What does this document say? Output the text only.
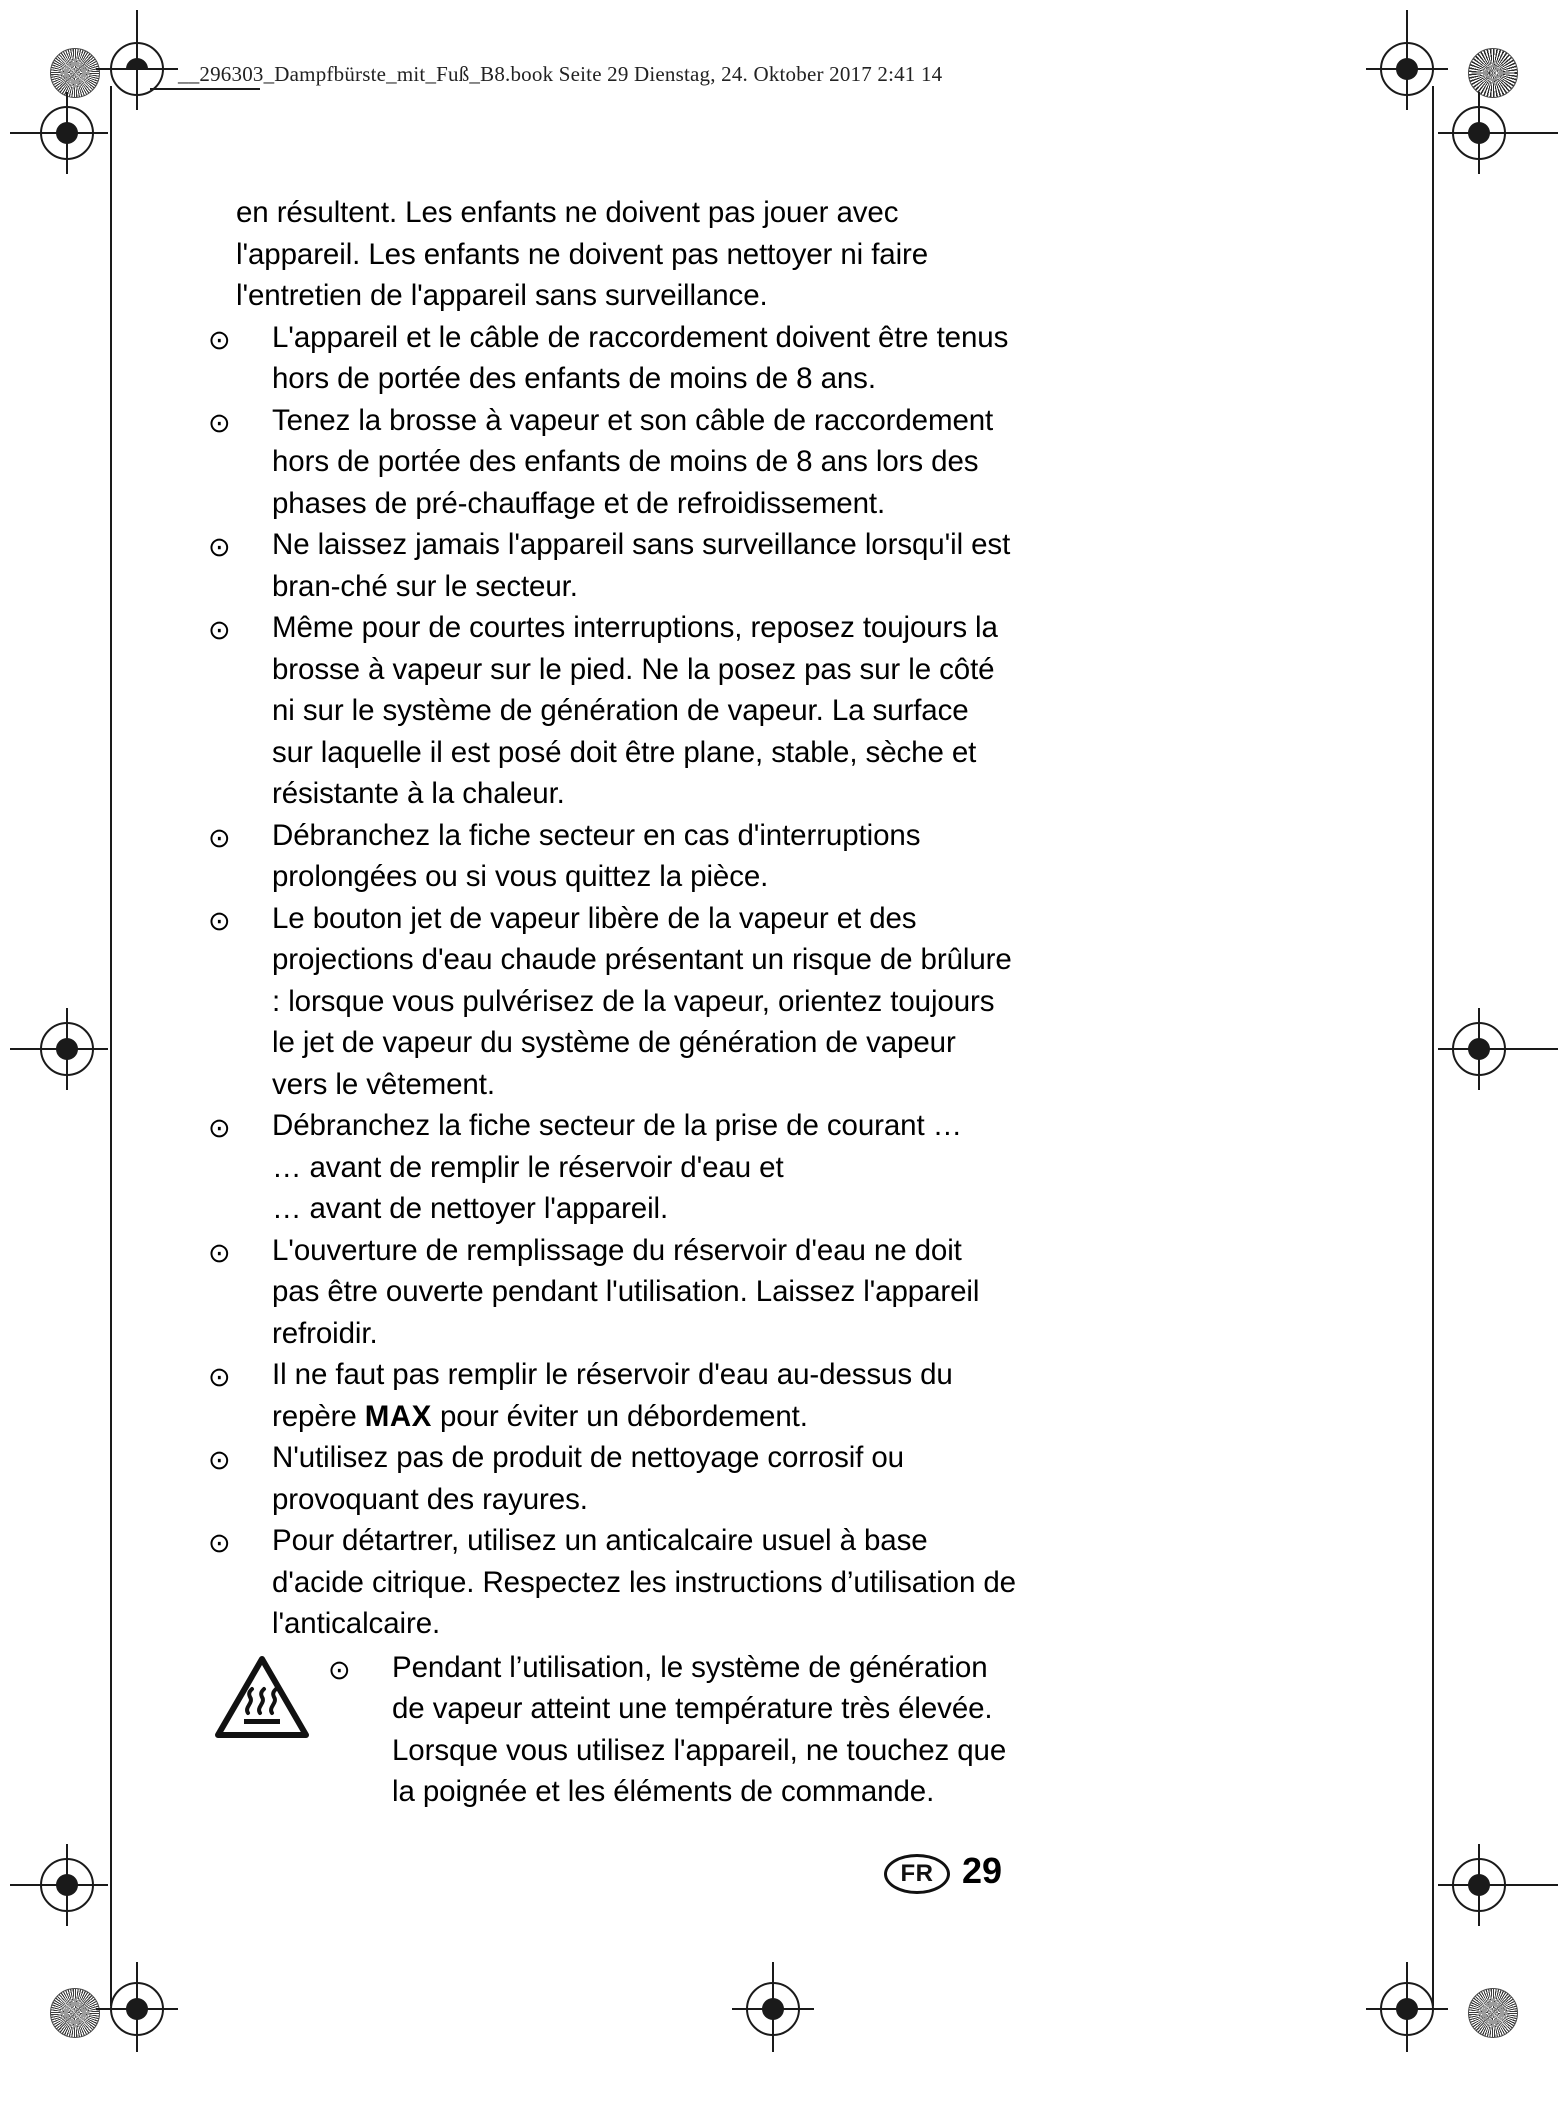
__296303_Dampfbürste_mit_Fuß_B8.book Seite 29 Dienstag, 24. Oktober 2017 2:41 14

en résultent. Les enfants ne doivent pas jouer avec l'appareil. Les enfants ne doivent pas nettoyer ni faire l'entretien de l'appareil sans surveillance.

⊙ L'appareil et le câble de raccordement doivent être tenus hors de portée des enfants de moins de 8 ans.

⊙ Tenez la brosse à vapeur et son câble de raccordement hors de portée des enfants de moins de 8 ans lors des phases de pré-chauffage et de refroidissement.

⊙ Ne laissez jamais l'appareil sans surveillance lorsqu'il est bran-ché sur le secteur.

⊙ Même pour de courtes interruptions, reposez toujours la brosse à vapeur sur le pied. Ne la posez pas sur le côté ni sur le système de génération de vapeur. La surface sur laquelle il est posé doit être plane, stable, sèche et résistante à la chaleur.

⊙ Débranchez la fiche secteur en cas d'interruptions prolongées ou si vous quittez la pièce.

⊙ Le bouton jet de vapeur libère de la vapeur et des projections d'eau chaude présentant un risque de brûlure : lorsque vous pulvérisez de la vapeur, orientez toujours le jet de vapeur du système de génération de vapeur vers le vêtement.

⊙ Débranchez la fiche secteur de la prise de courant …

… avant de remplir le réservoir d'eau et

… avant de nettoyer l'appareil.

⊙ L'ouverture de remplissage du réservoir d'eau ne doit pas être ouverte pendant l'utilisation. Laissez l'appareil refroidir.

⊙ Il ne faut pas remplir le réservoir d'eau au-dessus du repère MAX pour éviter un débordement.

⊙ N'utilisez pas de produit de nettoyage corrosif ou provoquant des rayures.

⊙ Pour détartrer, utilisez un anticalcaire usuel à base d'acide citrique. Respectez les instructions d’utilisation de l'anticalcaire.

⊙ Pendant l’utilisation, le système de génération de vapeur atteint une température très élevée. Lorsque vous utilisez l'appareil, ne touchez que la poignée et les éléments de commande.

FR 29
